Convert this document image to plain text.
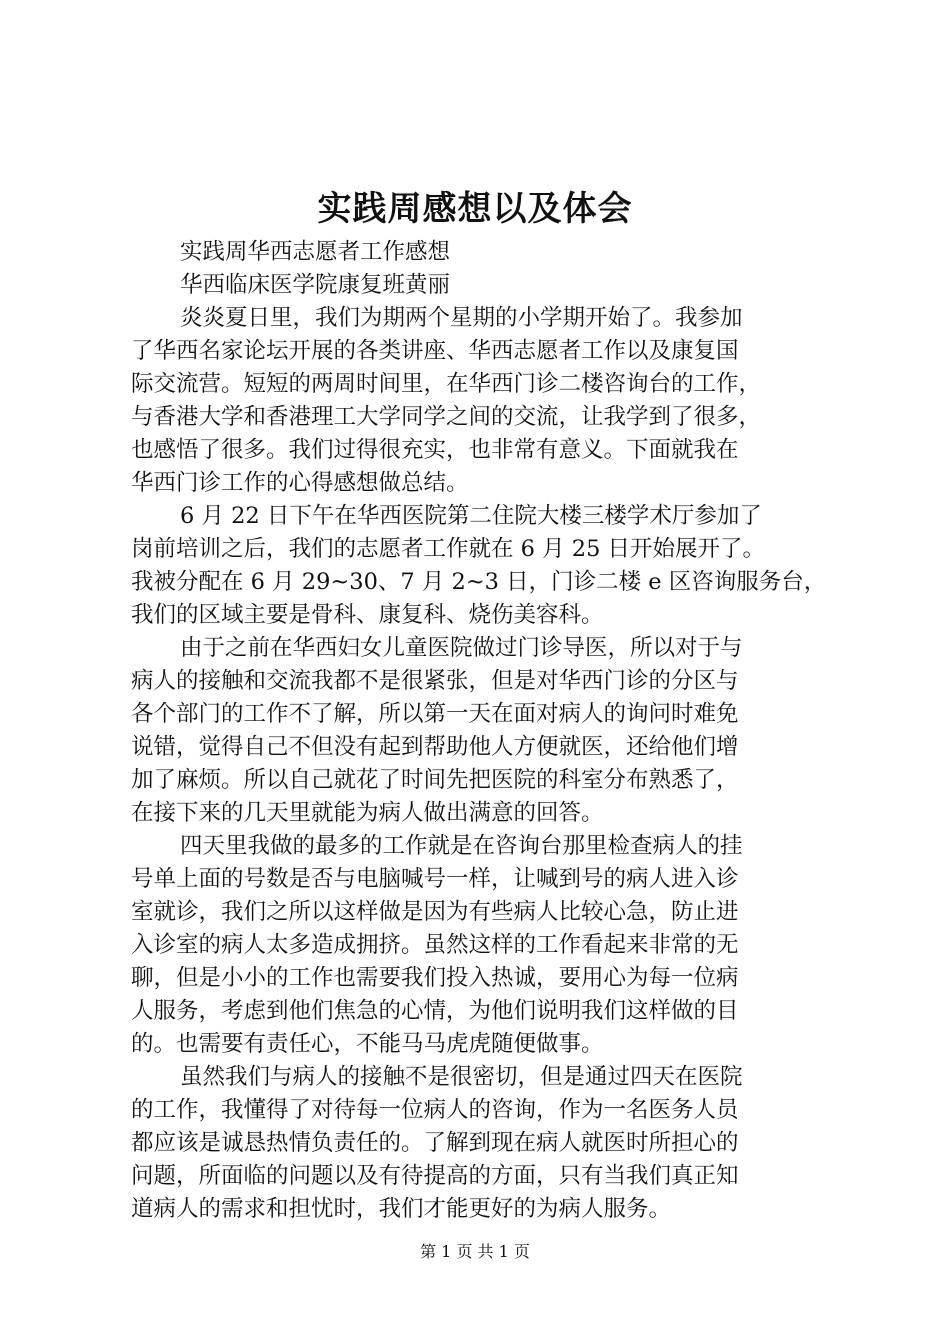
实践周感想以及体会
实践周华西志愿者工作感想
华西临床医学院康复班黄丽
炎炎夏日里，我们为期两个星期的小学期开始了。我参加
了华西名家论坛开展的各类讲座、华西志愿者工作以及康复国
际交流营。短短的两周时间里，在华西门诊二楼咨询台的工作，
与香港大学和香港理工大学同学之间的交流，让我学到了很多，
也感悟了很多。我们过得很充实，也非常有意义。下面就我在
华西门诊工作的心得感想做总结。
6 月 22 日下午在华西医院第二住院大楼三楼学术厅参加了
岗前培训之后，我们的志愿者工作就在 6 月 25 日开始展开了。
我被分配在 6 月 29~30、7 月 2~3 日，门诊二楼 e 区咨询服务台，
我们的区域主要是骨科、康复科、烧伤美容科。
由于之前在华西妇女儿童医院做过门诊导医，所以对于与
病人的接触和交流我都不是很紧张，但是对华西门诊的分区与
各个部门的工作不了解，所以第一天在面对病人的询问时难免
说错，觉得自己不但没有起到帮助他人方便就医，还给他们增
加了麻烦。所以自己就花了时间先把医院的科室分布熟悉了，
在接下来的几天里就能为病人做出满意的回答。
四天里我做的最多的工作就是在咨询台那里检查病人的挂
号单上面的号数是否与电脑喊号一样，让喊到号的病人进入诊
室就诊，我们之所以这样做是因为有些病人比较心急，防止进
入诊室的病人太多造成拥挤。虽然这样的工作看起来非常的无
聊，但是小小的工作也需要我们投入热诚，要用心为每一位病
人服务，考虑到他们焦急的心情，为他们说明我们这样做的目
的。也需要有责任心，不能马马虎虎随便做事。
虽然我们与病人的接触不是很密切，但是通过四天在医院
的工作，我懂得了对待每一位病人的咨询，作为一名医务人员
都应该是诚恳热情负责任的。了解到现在病人就医时所担心的
问题，所面临的问题以及有待提高的方面，只有当我们真正知
道病人的需求和担忧时，我们才能更好的为病人服务。
第 1 页 共 1 页
